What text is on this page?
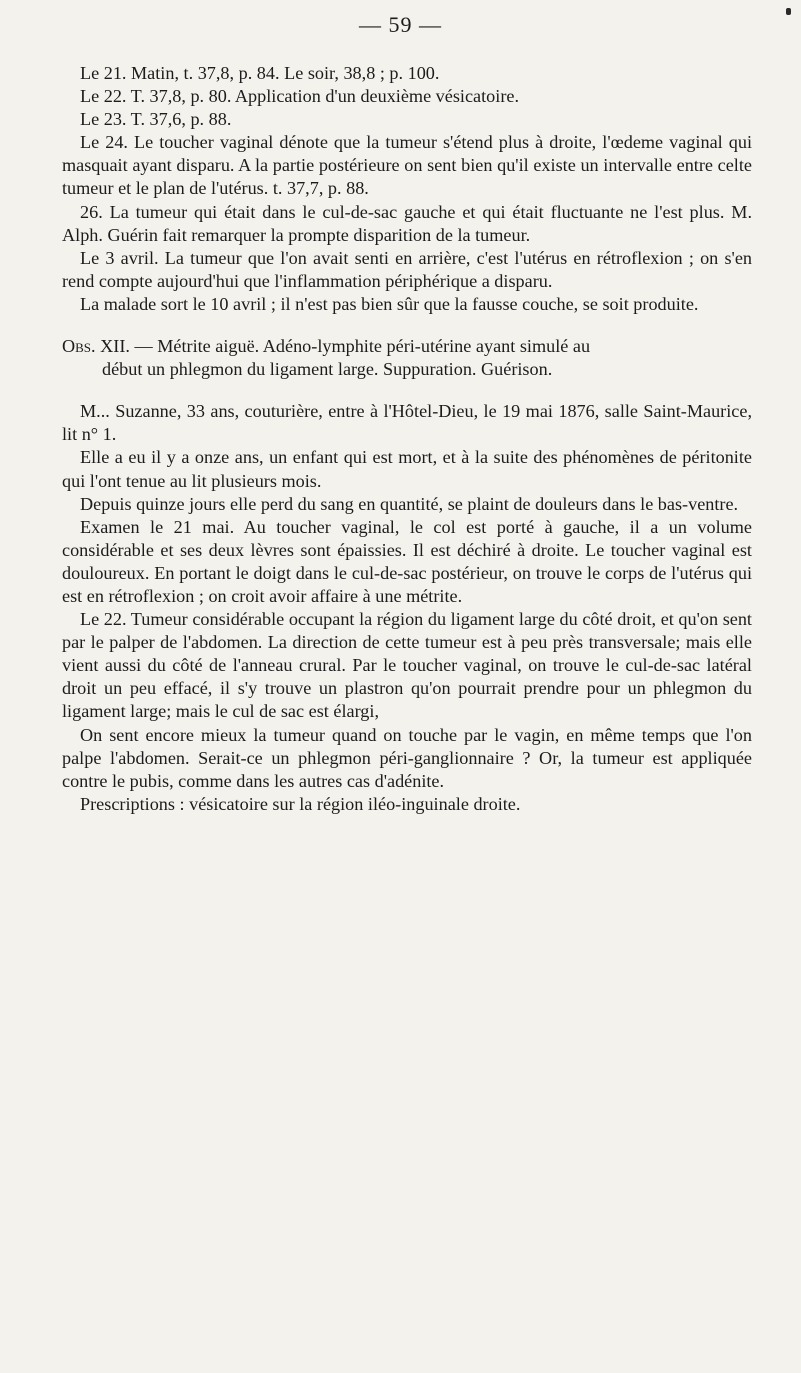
— 59 —

Le 21. Matin, t. 37,8, p. 84. Le soir, 38,8 ; p. 100.

Le 22. T. 37,8, p. 80. Application d'un deuxième vésicatoire.

Le 23. T. 37,6, p. 88.

Le 24. Le toucher vaginal dénote que la tumeur s'étend plus à droite, l'œdeme vaginal qui masquait ayant disparu. A la partie postérieure on sent bien qu'il existe un intervalle entre celte tumeur et le plan de l'utérus. t. 37,7, p. 88.

26. La tumeur qui était dans le cul-de-sac gauche et qui était fluctuante ne l'est plus. M. Alph. Guérin fait remarquer la prompte disparition de la tumeur.

Le 3 avril. La tumeur que l'on avait senti en arrière, c'est l'utérus en rétroflexion ; on s'en rend compte aujourd'hui que l'inflammation périphérique a disparu.

La malade sort le 10 avril ; il n'est pas bien sûr que la fausse couche, se soit produite.

Obs. XII. — Métrite aiguë. Adéno-lymphite péri-utérine ayant simulé au

début un phlegmon du ligament large. Suppuration. Guérison.

M... Suzanne, 33 ans, couturière, entre à l'Hôtel-Dieu, le 19 mai 1876, salle Saint-Maurice, lit n° 1.

Elle a eu il y a onze ans, un enfant qui est mort, et à la suite des phénomènes de péritonite qui l'ont tenue au lit plusieurs mois.

Depuis quinze jours elle perd du sang en quantité, se plaint de douleurs dans le bas-ventre.

Examen le 21 mai. Au toucher vaginal, le col est porté à gauche, il a un volume considérable et ses deux lèvres sont épaissies. Il est déchiré à droite. Le toucher vaginal est douloureux. En portant le doigt dans le cul-de-sac postérieur, on trouve le corps de l'utérus qui est en rétroflexion ; on croit avoir affaire à une métrite.

Le 22. Tumeur considérable occupant la région du ligament large du côté droit, et qu'on sent par le palper de l'abdomen. La direction de cette tumeur est à peu près transversale; mais elle vient aussi du côté de l'anneau crural. Par le toucher vaginal, on trouve le cul-de-sac latéral droit un peu effacé, il s'y trouve un plastron qu'on pourrait prendre pour un phlegmon du ligament large; mais le cul de sac est élargi,

On sent encore mieux la tumeur quand on touche par le vagin, en même temps que l'on palpe l'abdomen. Serait-ce un phlegmon péri-ganglionnaire ? Or, la tumeur est appliquée contre le pubis, comme dans les autres cas d'adénite.

Prescriptions : vésicatoire sur la région iléo-inguinale droite.
